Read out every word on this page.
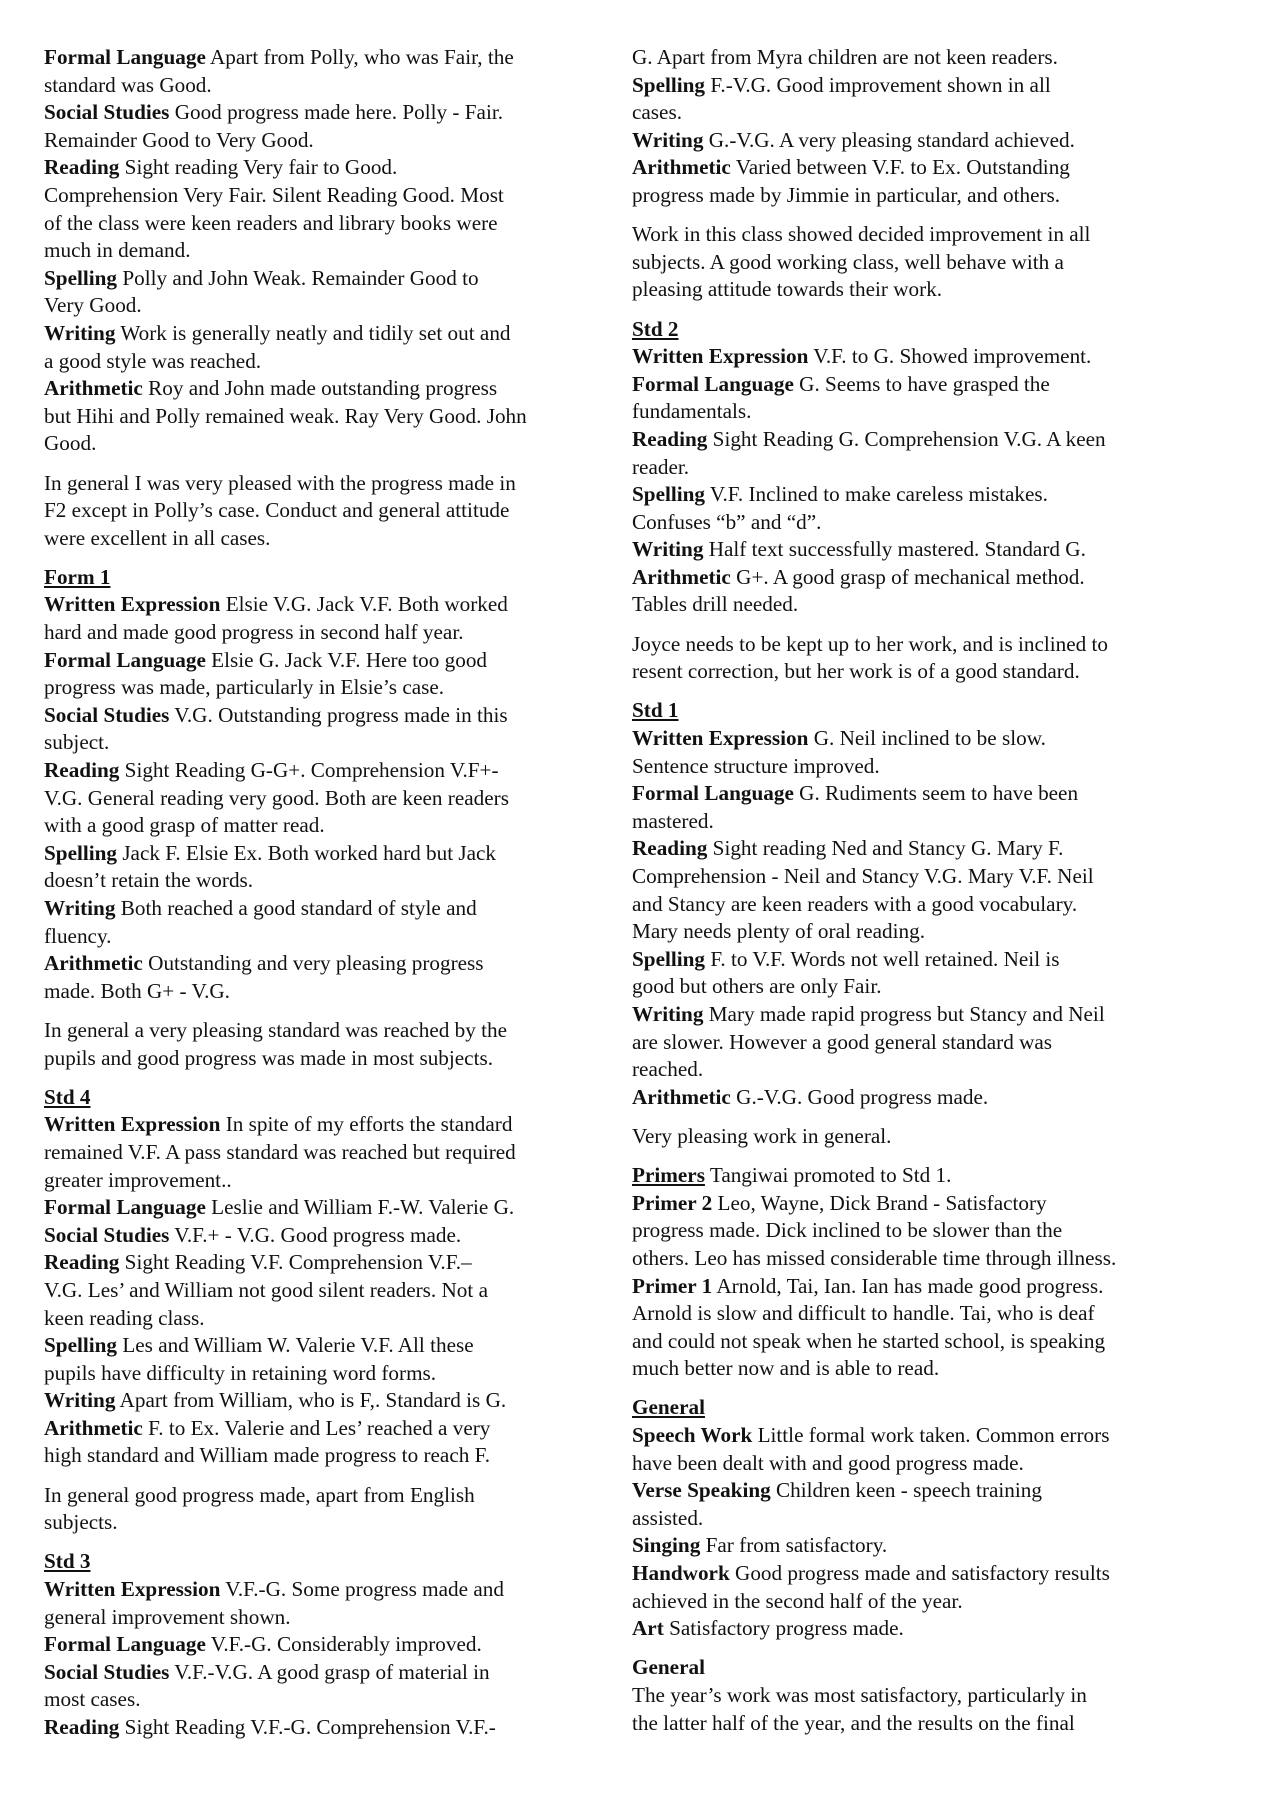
Formal Language Apart from Polly, who was Fair, the
standard was Good.
Social Studies Good progress made here. Polly - Fair.
Remainder Good to Very Good.
Reading Sight reading Very fair to Good.
Comprehension Very Fair. Silent Reading Good. Most
of the class were keen readers and library books were
much in demand.
Spelling Polly and John Weak. Remainder Good to
Very Good.
Writing Work is generally neatly and tidily set out and
a good style was reached.
Arithmetic Roy and John made outstanding progress
but Hihi and Polly remained weak. Ray Very Good. John
Good.
In general I was very pleased with the progress made in
F2 except in Polly’s case. Conduct and general attitude
were excellent in all cases.
Form 1
Written Expression Elsie V.G. Jack V.F. Both worked
hard and made good progress in second half year.
Formal Language Elsie G. Jack V.F. Here too good
progress was made, particularly in Elsie’s case.
Social Studies V.G. Outstanding progress made in this
subject.
Reading Sight Reading G-G+. Comprehension V.F+-
V.G. General reading very good. Both are keen readers
with a good grasp of matter read.
Spelling Jack F. Elsie Ex. Both worked hard but Jack
doesn’t retain the words.
Writing Both reached a good standard of style and
fluency.
Arithmetic Outstanding and very pleasing progress
made. Both G+ - V.G.
In general a very pleasing standard was reached by the
pupils and good progress was made in most subjects.
Std 4
Written Expression In spite of my efforts the standard
remained V.F. A pass standard was reached but required
greater improvement..
Formal Language Leslie and William F.-W. Valerie G.
Social Studies V.F.+ - V.G. Good progress made.
Reading Sight Reading V.F. Comprehension V.F.–
V.G. Les’ and William not good silent readers. Not a
keen reading class.
Spelling Les and William W. Valerie V.F. All these
pupils have difficulty in retaining word forms.
Writing Apart from William, who is F,. Standard is G.
Arithmetic F. to Ex. Valerie and Les’ reached a very
high standard and William made progress to reach F.
In general good progress made, apart from English
subjects.
Std 3
Written Expression V.F.-G. Some progress made and
general improvement shown.
Formal Language V.F.-G. Considerably improved.
Social Studies V.F.-V.G. A good grasp of material in
most cases.
Reading Sight Reading V.F.-G. Comprehension V.F.-
G. Apart from Myra children are not keen readers.
Spelling F.-V.G. Good improvement shown in all
cases.
Writing G.-V.G. A very pleasing standard achieved.
Arithmetic Varied between V.F. to Ex. Outstanding
progress made by Jimmie in particular, and others.
Work in this class showed decided improvement in all
subjects. A good working class, well behave with a
pleasing attitude towards their work.
Std 2
Written Expression V.F. to G. Showed improvement.
Formal Language G. Seems to have grasped the
fundamentals.
Reading Sight Reading G. Comprehension V.G. A keen
reader.
Spelling V.F. Inclined to make careless mistakes.
Confuses “b” and “d”.
Writing Half text successfully mastered. Standard G.
Arithmetic G+. A good grasp of mechanical method.
Tables drill needed.
Joyce needs to be kept up to her work, and is inclined to
resent correction, but her work is of a good standard.
Std 1
Written Expression G. Neil inclined to be slow.
Sentence structure improved.
Formal Language G. Rudiments seem to have been
mastered.
Reading Sight reading Ned and Stancy G. Mary F.
Comprehension - Neil and Stancy V.G. Mary V.F. Neil
and Stancy are keen readers with a good vocabulary.
Mary needs plenty of oral reading.
Spelling F. to V.F. Words not well retained. Neil is
good but others are only Fair.
Writing Mary made rapid progress but Stancy and Neil
are slower. However a good general standard was
reached.
Arithmetic G.-V.G. Good progress made.
Very pleasing work in general.
Primers Tangiwai promoted to Std 1.
Primer 2 Leo, Wayne, Dick Brand - Satisfactory
progress made. Dick inclined to be slower than the
others. Leo has missed considerable time through illness.
Primer 1 Arnold, Tai, Ian. Ian has made good progress.
Arnold is slow and difficult to handle. Tai, who is deaf
and could not speak when he started school, is speaking
much better now and is able to read.
General
Speech Work Little formal work taken. Common errors
have been dealt with and good progress made.
Verse Speaking Children keen - speech training
assisted.
Singing Far from satisfactory.
Handwork Good progress made and satisfactory results
achieved in the second half of the year.
Art Satisfactory progress made.
General
The year’s work was most satisfactory, particularly in
the latter half of the year, and the results on the final
